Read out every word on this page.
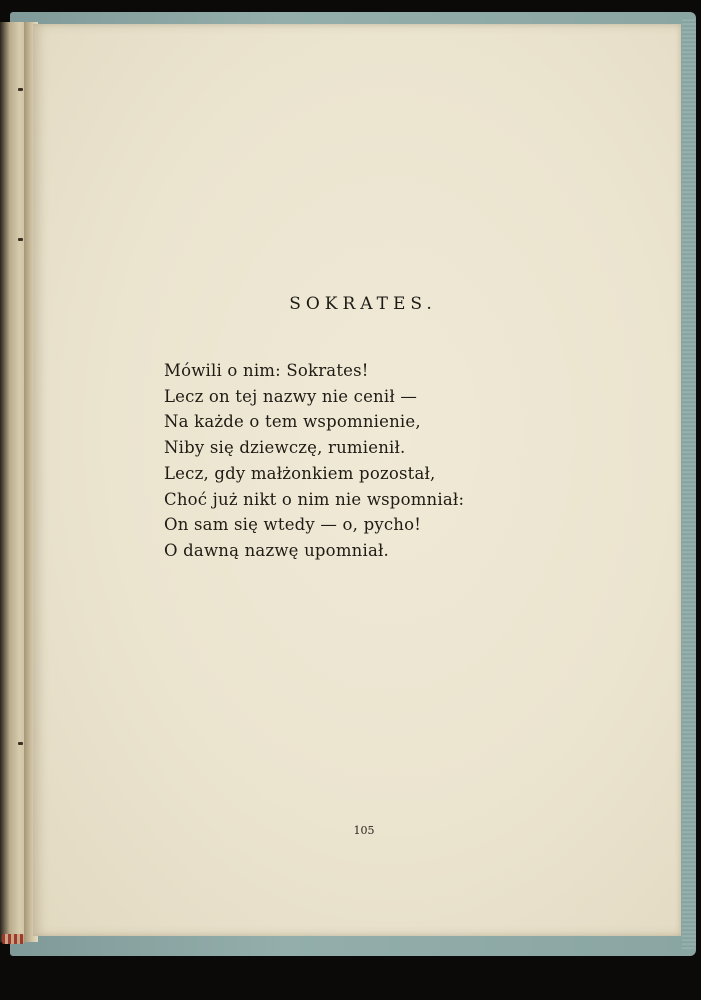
SOKRATES.
Mówili o nim: Sokrates!
Lecz on tej nazwy nie cenił —
Na każde o tem wspomnienie,
Niby się dziewczę, rumienił.
Lecz, gdy małżonkiem pozostał,
Choć już nikt o nim nie wspomniał:
On sam się wtedy — o, pycho!
O dawną nazwę upomniał.
105
